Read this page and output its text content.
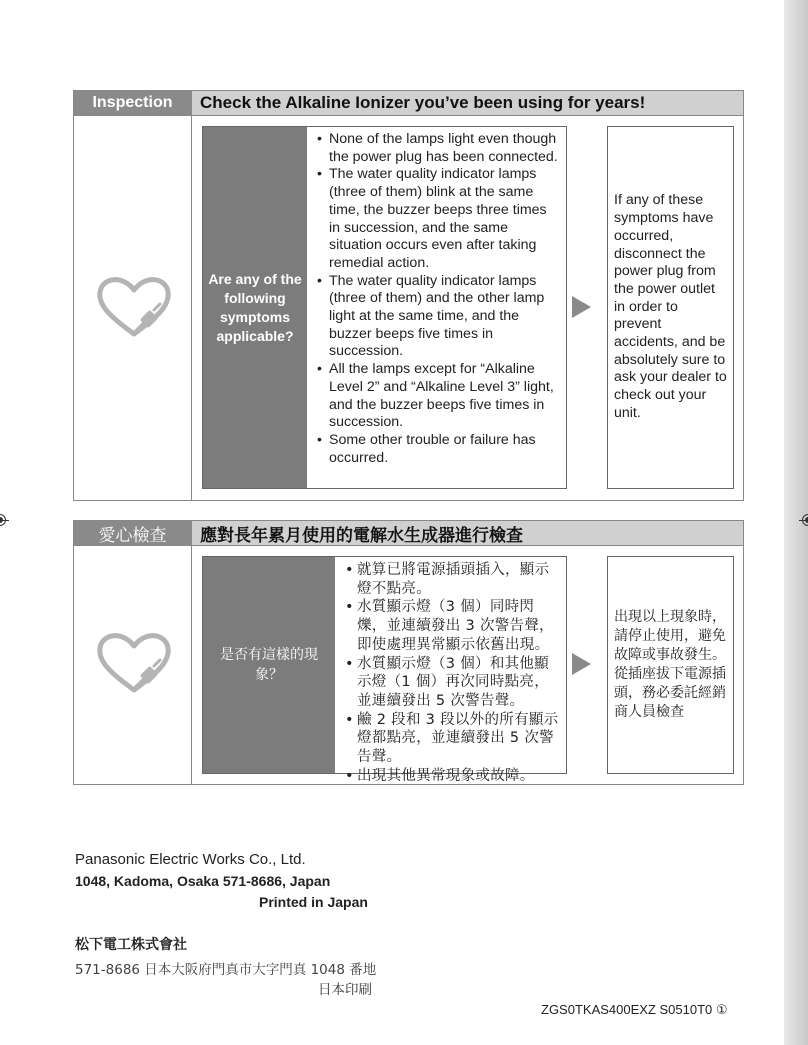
Inspection	Check the Alkaline Ionizer you’ve been using for years!
Are any of the following symptoms applicable?
• None of the lamps light even though the power plug has been connected.
• The water quality indicator lamps (three of them) blink at the same time, the buzzer beeps three times in succession, and the same situation occurs even after taking remedial action.
• The water quality indicator lamps (three of them) and the other lamp light at the same time, and the buzzer beeps five times in succession.
• All the lamps except for “Alkaline Level 2” and “Alkaline Level 3” light, and the buzzer beeps five times in succession.
• Some other trouble or failure has occurred.
If any of these symptoms have occurred, disconnect the power plug from the power outlet in order to prevent accidents, and be absolutely sure to ask your dealer to check out your unit.
愛心檢查	應對長年累月使用的電解水生成器進行檢查
是否有這樣的現象？
• 就算已將電源插頭插入，顯示燈不點亮。
• 水質顯示燈（3 個）同時閃爍，並連續發出 3 次警告聲，即使處理異常顯示依舊出現。
• 水質顯示燈（3 個）和其他顯示燈（1 個）再次同時點亮，並連續發出 5 次警告聲。
• 鹼 2 段和 3 段以外的所有顯示燈都點亮，並連續發出 5 次警告聲。
• 出現其他異常現象或故障。
出現以上現象時，請停止使用，避免故障或事故發生。從插座拔下電源插頭，務必委託經銷商人員檢查
Panasonic Electric Works Co., Ltd.
1048, Kadoma, Osaka 571-8686, Japan
Printed in Japan
松下電工株式會社
571-8686 日本大阪府門真市大字門真 1048 番地
日本印刷
ZGS0TKAS400EXZ S0510T0 ①
